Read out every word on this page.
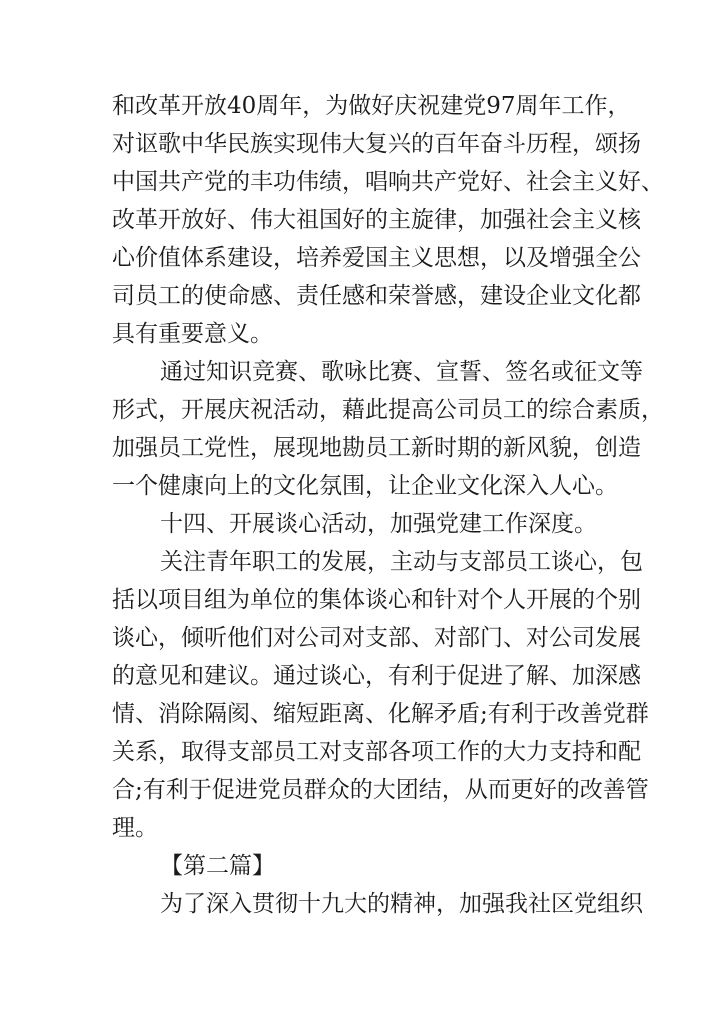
和改革开放40周年，为做好庆祝建党97周年工作，
对讴歌中华民族实现伟大复兴的百年奋斗历程，颂扬
中国共产党的丰功伟绩，唱响共产党好、社会主义好、
改革开放好、伟大祖国好的主旋律，加强社会主义核
心价值体系建设，培养爱国主义思想，以及增强全公
司员工的使命感、责任感和荣誉感，建设企业文化都
具有重要意义。
通过知识竞赛、歌咏比赛、宣誓、签名或征文等
形式，开展庆祝活动，藉此提高公司员工的综合素质，
加强员工党性，展现地勘员工新时期的新风貌，创造
一个健康向上的文化氛围，让企业文化深入人心。
十四、开展谈心活动，加强党建工作深度。
关注青年职工的发展，主动与支部员工谈心，包
括以项目组为单位的集体谈心和针对个人开展的个别
谈心，倾听他们对公司对支部、对部门、对公司发展
的意见和建议。通过谈心，有利于促进了解、加深感
情、消除隔阂、缩短距离、化解矛盾;有利于改善党群
关系，取得支部员工对支部各项工作的大力支持和配
合;有利于促进党员群众的大团结，从而更好的改善管
理。
【第二篇】
为了深入贯彻十九大的精神，加强我社区党组织
